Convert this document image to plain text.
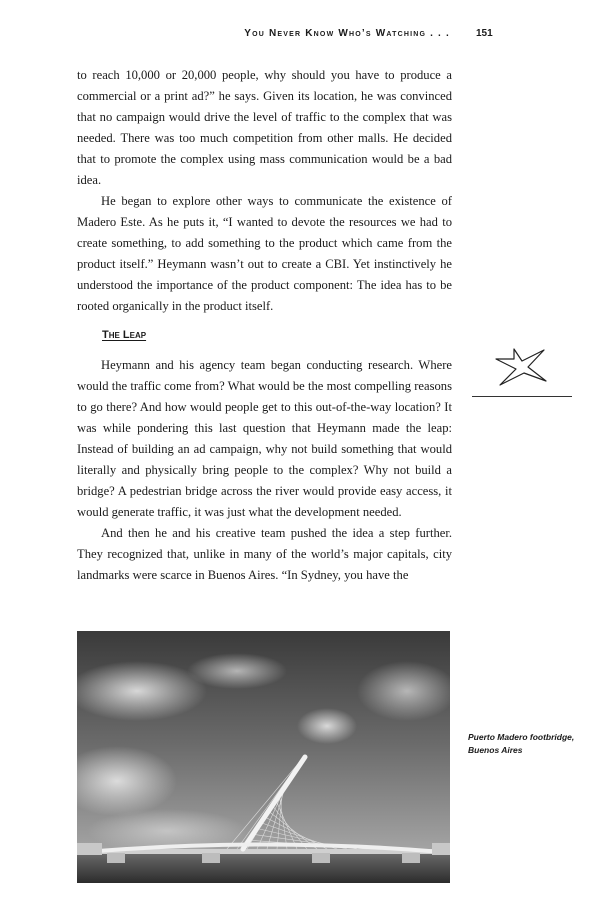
You Never Know Who’s Watching . . .	151

to reach 10,000 or 20,000 people, why should you have to produce a commercial or a print ad?” he says. Given its location, he was convinced that no campaign would drive the level of traffic to the complex that was needed. There was too much competition from other malls. He decided that to promote the complex using mass communication would be a bad idea.

He began to explore other ways to communicate the existence of Madero Este. As he puts it, “I wanted to devote the resources we had to create something, to add something to the product which came from the product itself.” Heymann wasn’t out to create a CBI. Yet instinctively he understood the importance of the product component: The idea has to be rooted organically in the product itself.

The Leap

Heymann and his agency team began conducting research. Where would the traffic come from? What would be the most compelling reasons to go there? And how would people get to this out-of-the-way location? It was while pondering this last question that Heymann made the leap: Instead of building an ad campaign, why not build something that would literally and physically bring people to the complex? Why not build a bridge? A pedestrian bridge across the river would provide easy access, it would generate traffic, it was just what the development needed.

And then he and his creative team pushed the idea a step further. They recognized that, unlike in many of the world’s major capitals, city landmarks were scarce in Buenos Aires. “In Sydney, you have the

Puerto Madero footbridge, Buenos Aires
